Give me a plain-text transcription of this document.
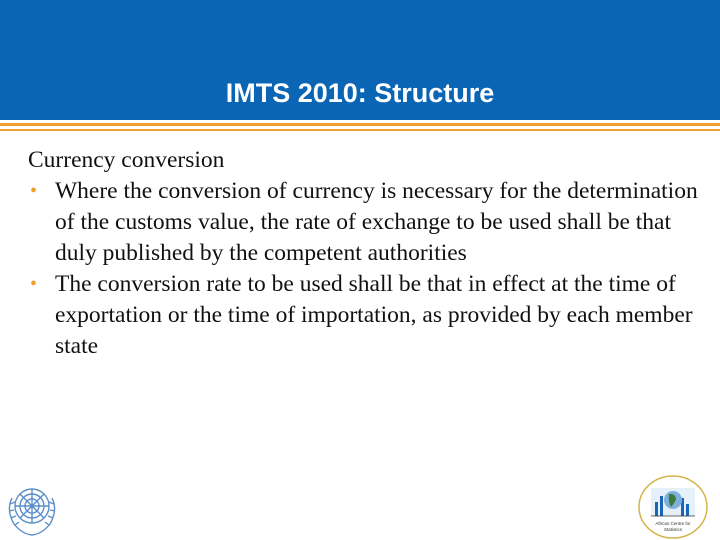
IMTS 2010: Structure

Currency conversion

• Where the conversion of currency is necessary for the determination of the customs value, the rate of exchange to be used shall be that duly published by the competent authorities
• The conversion rate to be used shall be that in effect at the time of exportation or the time of importation, as provided by each member state
African Centre for
Statistics
